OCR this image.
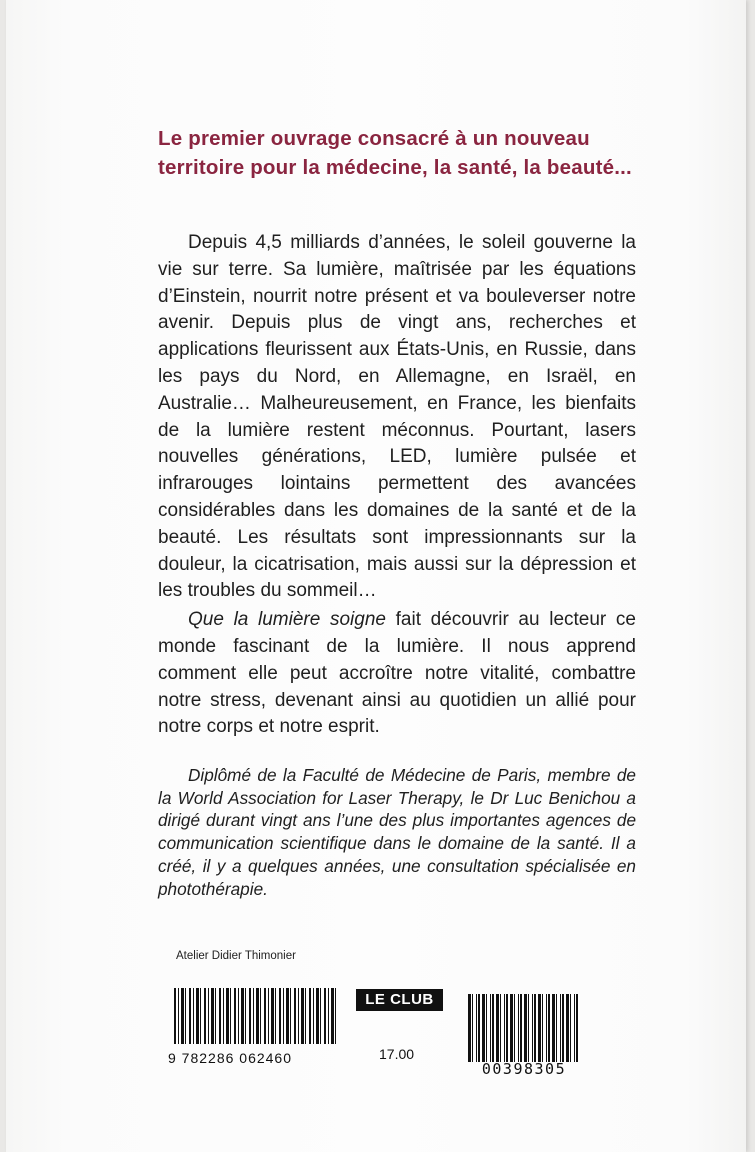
Le premier ouvrage consacré à un nouveau
territoire pour la médecine, la santé, la beauté...

Depuis 4,5 milliards d’années, le soleil gouverne la vie sur terre. Sa lumière, maîtrisée par les équations d’Einstein, nourrit notre présent et va bouleverser notre avenir. Depuis plus de vingt ans, recherches et applications fleurissent aux États-Unis, en Russie, dans les pays du Nord, en Allemagne, en Israël, en Australie… Malheureusement, en France, les bienfaits de la lumière restent méconnus. Pourtant, lasers nouvelles générations, LED, lumière pulsée et infrarouges lointains permettent des avancées considérables dans les domaines de la santé et de la beauté. Les résultats sont impressionnants sur la douleur, la cicatrisation, mais aussi sur la dépression et les troubles du sommeil…

Que la lumière soigne fait découvrir au lecteur ce monde fascinant de la lumière. Il nous apprend comment elle peut accroître notre vitalité, combattre notre stress, devenant ainsi au quotidien un allié pour notre corps et notre esprit.

Diplômé de la Faculté de Médecine de Paris, membre de la World Association for Laser Therapy, le Dr Luc Benichou a dirigé durant vingt ans l’une des plus importantes agences de communication scientifique dans le domaine de la santé. Il a créé, il y a quelques années, une consultation spécialisée en photothérapie.

Atelier Didier Thimonier
9 782286 062460
LE CLUB
17.00
00398305
